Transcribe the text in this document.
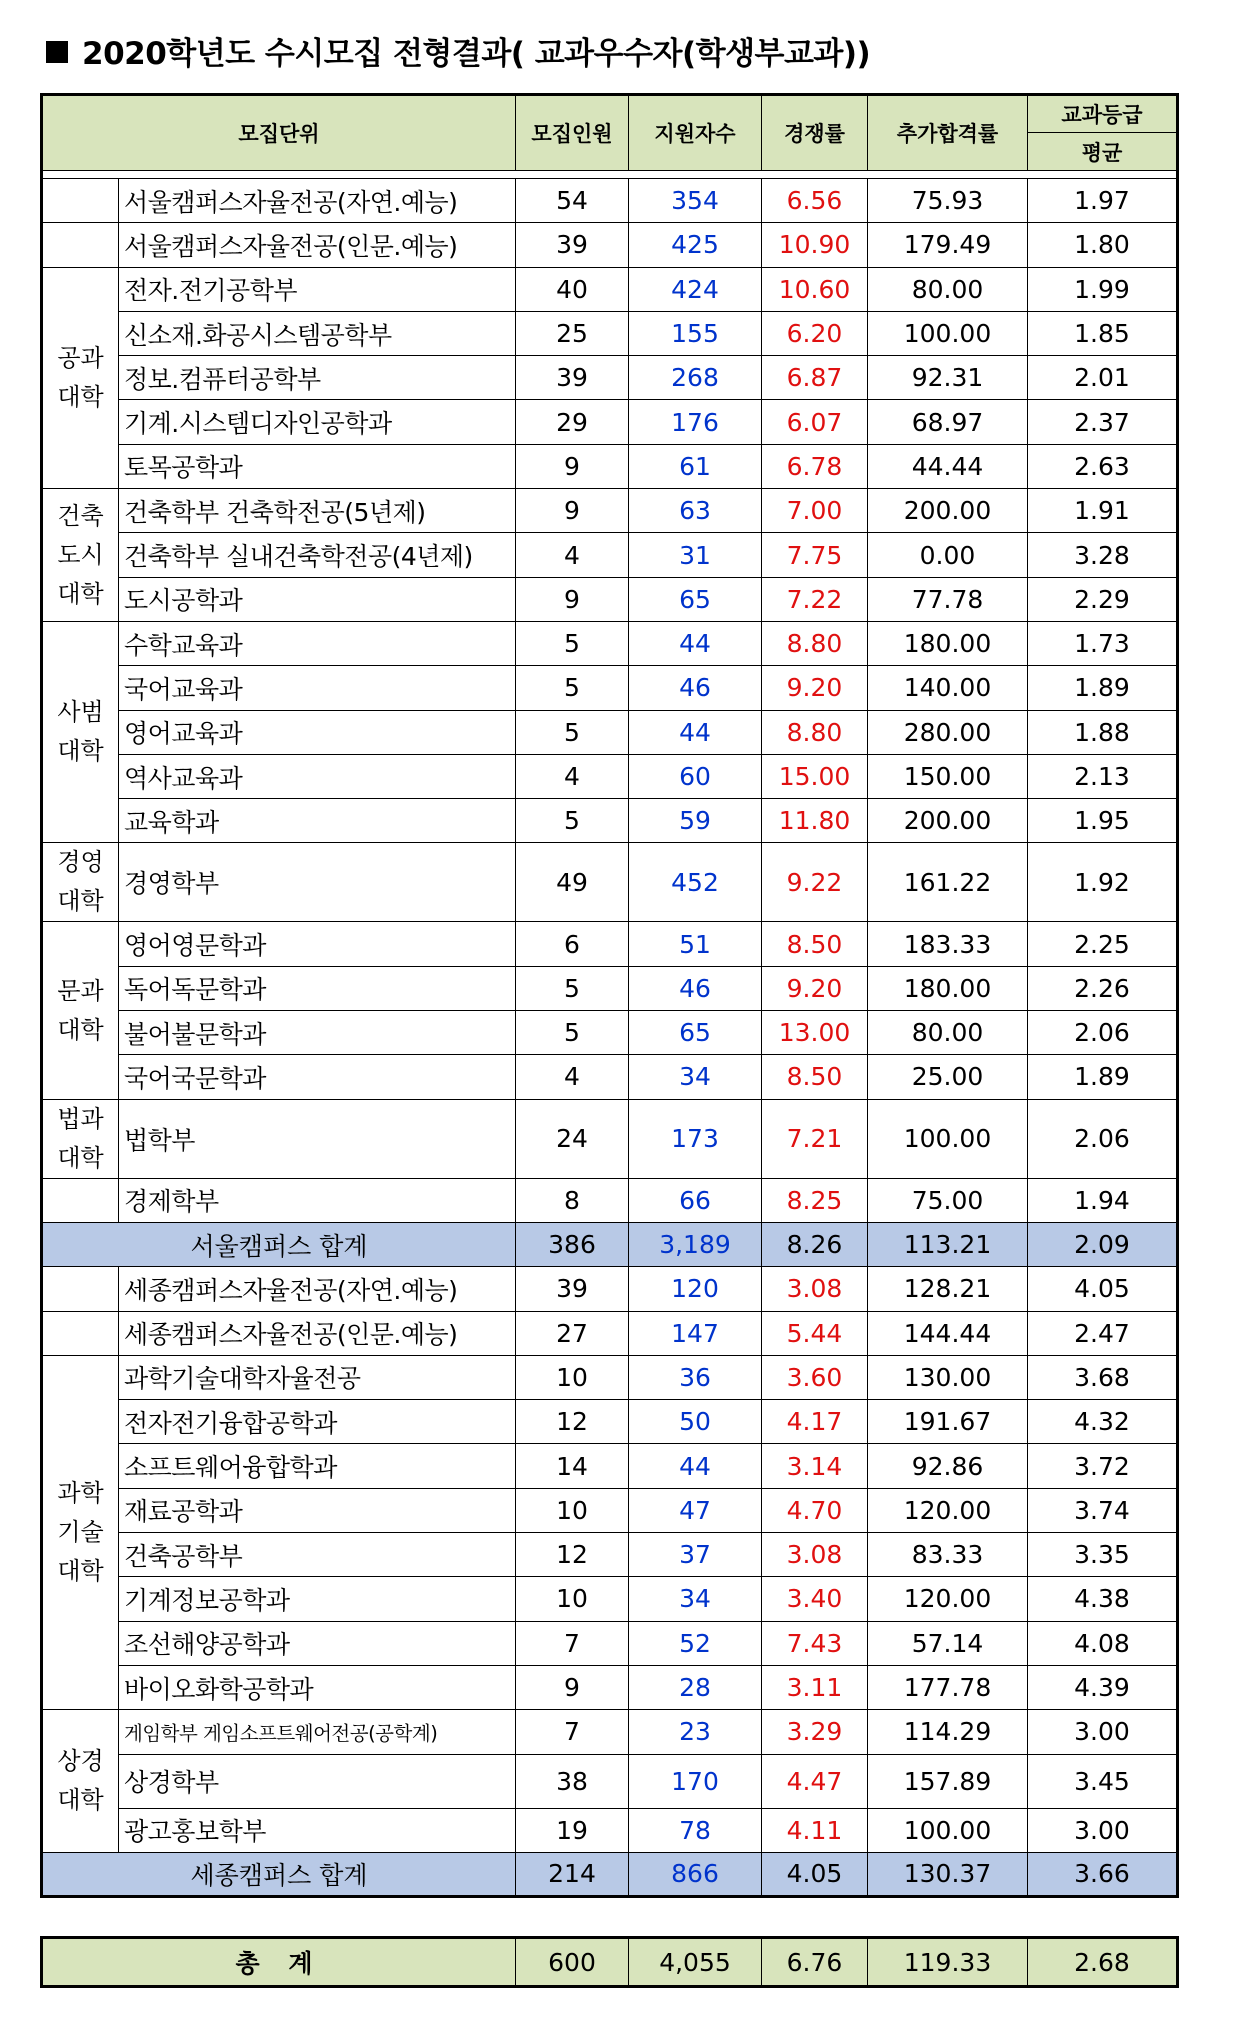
2020학년도 수시모집 전형결과( 교과우수자(학생부교과))
모집단위		모집인원	지원자수	경쟁률	추가합격률	교과등급
						평균

	서울캠퍼스자율전공(자연.예능)	54	354	6.56	75.93	1.97
	서울캠퍼스자율전공(인문.예능)	39	425	10.90	179.49	1.80
공과 대학	전자.전기공학부	40	424	10.60	80.00	1.99
	신소재.화공시스템공학부	25	155	6.20	100.00	1.85
	정보.컴퓨터공학부	39	268	6.87	92.31	2.01
	기계.시스템디자인공학과	29	176	6.07	68.97	2.37
	토목공학과	9	61	6.78	44.44	2.63
건축 도시 대학	건축학부 건축학전공(5년제)	9	63	7.00	200.00	1.91
	건축학부 실내건축학전공(4년제)	4	31	7.75	0.00	3.28
	도시공학과	9	65	7.22	77.78	2.29
사범 대학	수학교육과	5	44	8.80	180.00	1.73
	국어교육과	5	46	9.20	140.00	1.89
	영어교육과	5	44	8.80	280.00	1.88
	역사교육과	4	60	15.00	150.00	2.13
	교육학과	5	59	11.80	200.00	1.95
경영 대학	경영학부	49	452	9.22	161.22	1.92
문과 대학	영어영문학과	6	51	8.50	183.33	2.25
	독어독문학과	5	46	9.20	180.00	2.26
	불어불문학과	5	65	13.00	80.00	2.06
	국어국문학과	4	34	8.50	25.00	1.89
법과 대학	법학부	24	173	7.21	100.00	2.06
	경제학부	8	66	8.25	75.00	1.94
서울캠퍼스 합계		386	3,189	8.26	113.21	2.09
	세종캠퍼스자율전공(자연.예능)	39	120	3.08	128.21	4.05
	세종캠퍼스자율전공(인문.예능)	27	147	5.44	144.44	2.47
과학 기술 대학	과학기술대학자율전공	10	36	3.60	130.00	3.68
	전자전기융합공학과	12	50	4.17	191.67	4.32
	소프트웨어융합학과	14	44	3.14	92.86	3.72
	재료공학과	10	47	4.70	120.00	3.74
	건축공학부	12	37	3.08	83.33	3.35
	기계정보공학과	10	34	3.40	120.00	4.38
	조선해양공학과	7	52	7.43	57.14	4.08
	바이오화학공학과	9	28	3.11	177.78	4.39
상경 대학	게임학부 게임소프트웨어전공(공학계)	7	23	3.29	114.29	3.00
	상경학부	38	170	4.47	157.89	3.45
	광고홍보학부	19	78	4.11	100.00	3.00
세종캠퍼스 합계		214	866	4.05	130.37	3.66
총 계	600	4,055	6.76	119.33	2.68
